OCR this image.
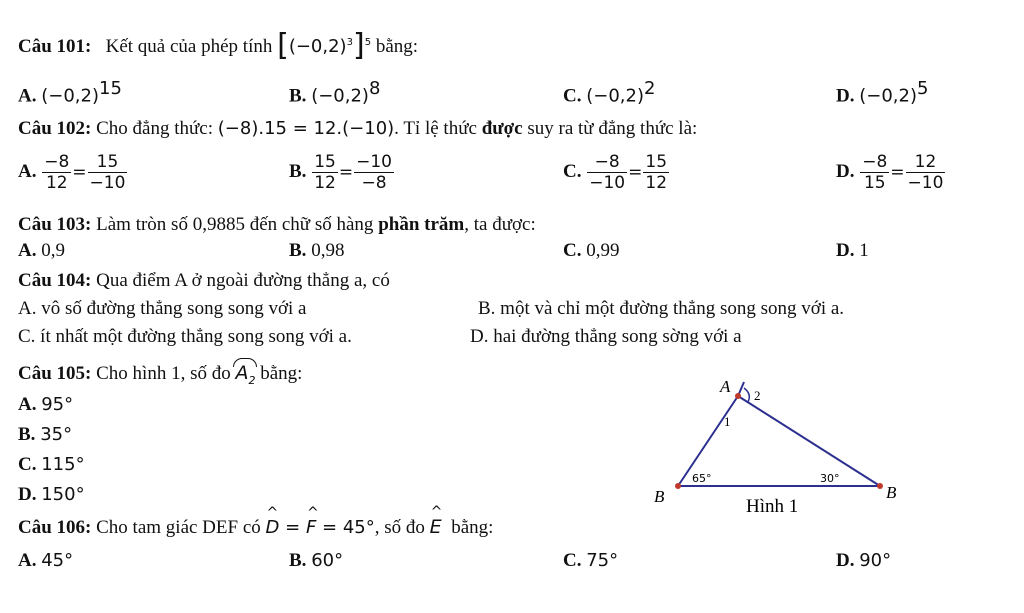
Câu 101: Kết quả của phép tính $[(-0,2)^3]^5$ bằng:
A. $(-0,2)^{15}$	B. $(-0,2)^8$	C. $(-0,2)^2$	D. $(-0,2)^5$
Câu 102: Cho đẳng thức: (−8).15 = 12.(−10). Tỉ lệ thức được suy ra từ đẳng thức là:
A. $\frac{-8}{12} = \frac{15}{-10}$	B. $\frac{15}{12} = \frac{-10}{-8}$	C. $\frac{-8}{-10} = \frac{15}{12}$	D. $\frac{-8}{15} = \frac{12}{-10}$
Câu 103: Làm tròn số 0,9885 đến chữ số hàng phần trăm, ta được:
A. 0,9	B. 0,98	C. 0,99	D. 1
Câu 104: Qua điểm A ở ngoài đường thẳng a, có
A. vô số đường thẳng song song với a	B. một và chỉ một đường thẳng song song với a.
C. ít nhất một đường thẳng song song với a.	D. hai đường thẳng song sờng với a
Câu 105: Cho hình 1, số đo $A_2$ bằng:
A. 95°
B. 35°
C. 115°
D. 150°
A 2
1
65°	30°
B	B
Hình 1
Câu 106: Cho tam giác DEF có ^ D = ^ F = 45°, số đo ^ E bằng:
A. 45°	B. 60°	C. 75°	D. 90°
